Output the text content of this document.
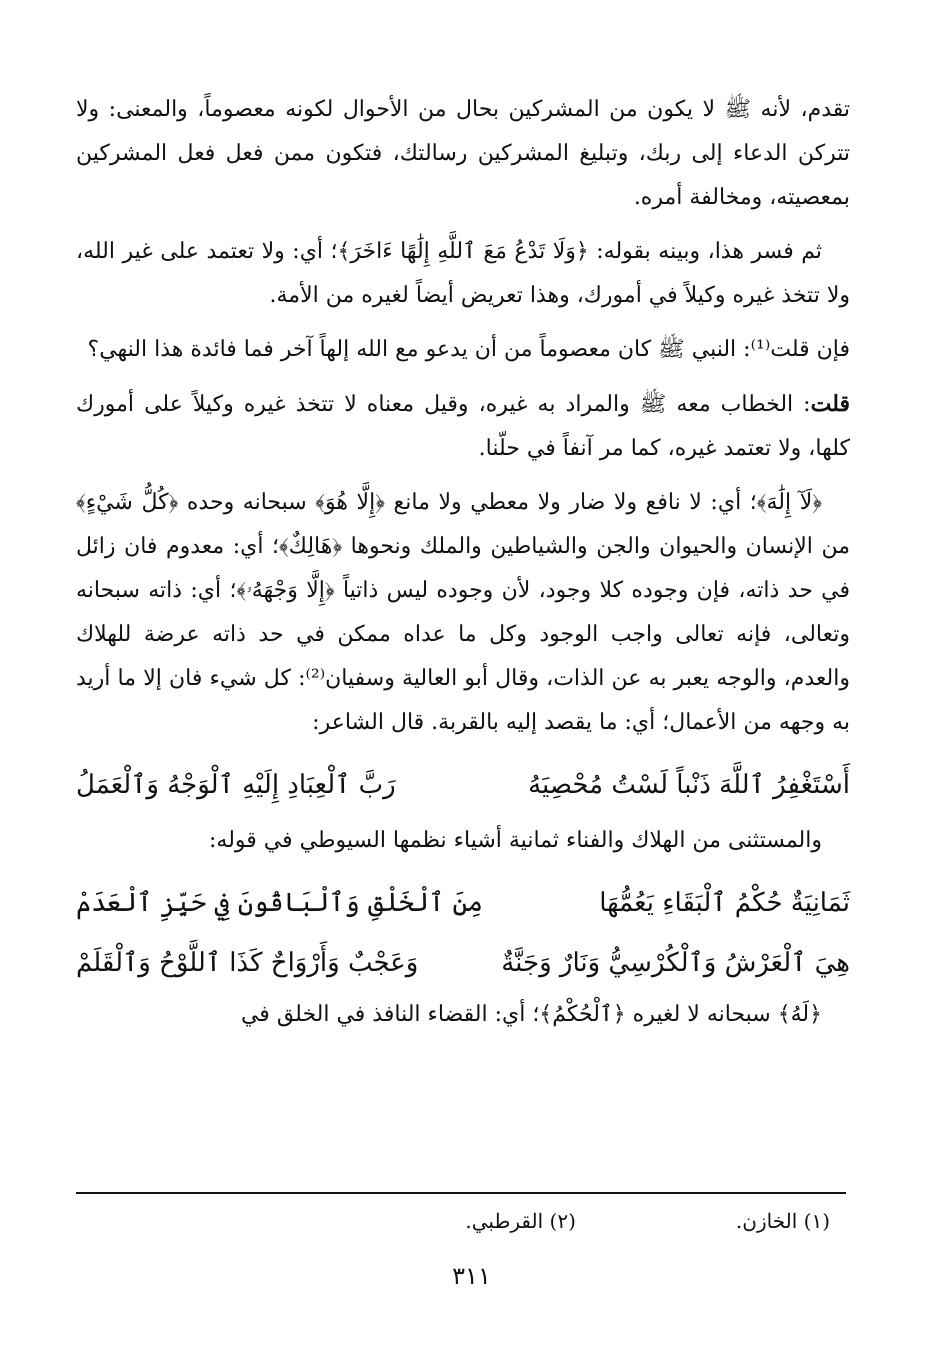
تقدم، لأنه ﷺ لا يكون من المشركين بحال من الأحوال لكونه معصوماً، والمعنى: ولا تتركن الدعاء إلى ربك، وتبليغ المشركين رسالتك، فتكون ممن فعل فعل المشركين بمعصيته، ومخالفة أمره.

ثم فسر هذا، وبينه بقوله: ﴿وَلَا تَدْعُ مَعَ ٱللَّهِ إِلَٰهًا ءَاخَرَ﴾؛ أي: ولا تعتمد على غير الله، ولا تتخذ غيره وكيلاً في أمورك، وهذا تعريض أيضاً لغيره من الأمة.

فإن قلت⁽¹⁾: النبي ﷺ كان معصوماً من أن يدعو مع الله إلهاً آخر فما فائدة هذا النهي؟

قلت: الخطاب معه ﷺ والمراد به غيره، وقيل معناه لا تتخذ غيره وكيلاً على أمورك كلها، ولا تعتمد غيره، كما مر آنفاً في حلّنا.

﴿لَآ إِلَٰهَ﴾؛ أي: لا نافع ولا ضار ولا معطي ولا مانع ﴿إِلَّا هُوَ﴾ سبحانه وحده ﴿كُلُّ شَيْءٍ﴾ من الإنسان والحيوان والجن والشياطين والملك ونحوها ﴿هَالِكٌ﴾؛ أي: معدوم فان زائل في حد ذاته، فإن وجوده كلا وجود، لأن وجوده ليس ذاتياً ﴿إِلَّا وَجْهَهُۥ﴾؛ أي: ذاته سبحانه وتعالى، فإنه تعالى واجب الوجود وكل ما عداه ممكن في حد ذاته عرضة للهلاك والعدم، والوجه يعبر به عن الذات، وقال أبو العالية وسفيان⁽²⁾: كل شيء فان إلا ما أريد به وجهه من الأعمال؛ أي: ما يقصد إليه بالقربة. قال الشاعر:

أَسْتَغْفِرُ ٱللَّهَ ذَنْباً لَسْتُ مُحْصِيَهُ
رَبَّ ٱلْعِبَادِ إِلَيْهِ ٱلْوَجْهُ وَٱلْعَمَلُ

والمستثنى من الهلاك والفناء ثمانية أشياء نظمها السيوطي في قوله:

ثَمَانِيَةٌ حُكْمُ ٱلْبَقَاءِ يَعُمُّهَا
مِنَ ٱلْخَلْقِ وَٱلْبَاقُونَ فِي حَيِّزِ ٱلْعَدَمْ
هِيَ ٱلْعَرْشُ وَٱلْكُرْسِيُّ وَنَارٌ وَجَنَّةٌ
وَعَجْبٌ وَأَرْوَاحٌ كَذَا ٱللَّوْحُ وَٱلْقَلَمْ

﴿لَهُ﴾ سبحانه لا لغيره ﴿ٱلْحُكْمُ﴾؛ أي: القضاء النافذ في الخلق في

(١) الخازن.
(٢) القرطبي.
٣١١
